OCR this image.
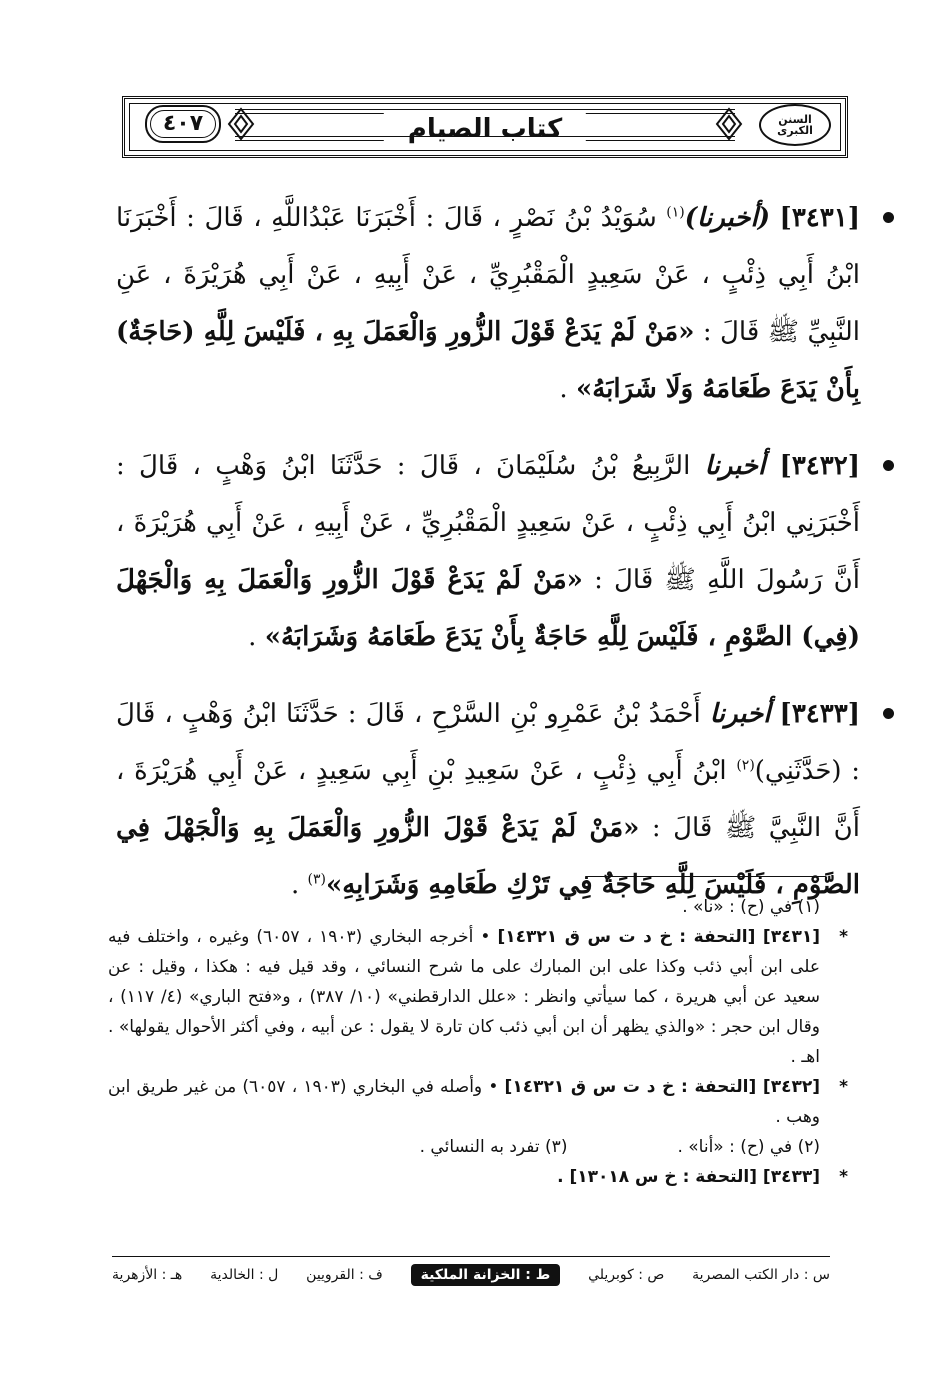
٤٠٧	كتاب الصيام	السنن الكبرى

[٣٤٣١] (أخبرنا)$^{(١)}$ سُوَيْدُ بْنُ نَصْرٍ ، قَالَ : أَخْبَرَنَا عَبْدُاللَّهِ ، قَالَ : أَخْبَرَنَا ابْنُ أَبِي ذِئْبٍ ، عَنْ سَعِيدٍ الْمَقْبُرِيِّ ، عَنْ أَبِيهِ ، عَنْ أَبِي هُرَيْرَةَ ، عَنِ النَّبِيِّ ﷺ قَالَ : «مَنْ لَمْ يَدَعْ قَوْلَ الزُّورِ وَالْعَمَلَ بِهِ ، فَلَيْسَ لِلَّهِ (حَاجَةٌ) بِأَنْ يَدَعَ طَعَامَهُ وَلَا شَرَابَهُ» .

[٣٤٣٢] أخبرنا الرَّبِيعُ بْنُ سُلَيْمَانَ ، قَالَ : حَدَّثَنَا ابْنُ وَهْبٍ ، قَالَ : أَخْبَرَنِي ابْنُ أَبِي ذِئْبٍ ، عَنْ سَعِيدٍ الْمَقْبُرِيِّ ، عَنْ أَبِيهِ ، عَنْ أَبِي هُرَيْرَةَ ، أَنَّ رَسُولَ اللَّهِ ﷺ قَالَ : «مَنْ لَمْ يَدَعْ قَوْلَ الزُّورِ وَالْعَمَلَ بِهِ وَالْجَهْلَ (فِي) الصَّوْمِ ، فَلَيْسَ لِلَّهِ حَاجَةٌ بِأَنْ يَدَعَ طَعَامَهُ وَشَرَابَهُ» .

[٣٤٣٣] أخبرنا أَحْمَدُ بْنُ عَمْرِو بْنِ السَّرْحِ ، قَالَ : حَدَّثَنَا ابْنُ وَهْبٍ ، قَالَ : (حَدَّثَنِي)$^{(٢)}$ ابْنُ أَبِي ذِئْبٍ ، عَنْ سَعِيدِ بْنِ أَبِي سَعِيدٍ ، عَنْ أَبِي هُرَيْرَةَ ، أَنَّ النَّبِيَّ ﷺ قَالَ : «مَنْ لَمْ يَدَعْ قَوْلَ الزُّورِ وَالْعَمَلَ بِهِ وَالْجَهْلَ فِي الصَّوْمِ ، فَلَيْسَ لِلَّهِ حَاجَةٌ فِي تَرْكِ طَعَامِهِ وَشَرَابِهِ»$^{(٣)}$ .

(١) في (ح) : «نا» .

*
[٣٤٣١] [التحفة : خ د ت س ق ١٤٣٢١] • أخرجه البخاري (١٩٠٣ ، ٦٠٥٧) وغيره ، واختلف فيه على ابن أبي ذئب وكذا على ابن المبارك على ما شرح النسائي ، وقد قيل فيه : هكذا ، وقيل : عن سعيد عن أبي هريرة ، كما سيأتي وانظر : «علل الدارقطني» (١٠/ ٣٨٧) ، و«فتح الباري» (٤/ ١١٧) ، وقال ابن حجر : «والذي يظهر أن ابن أبي ذئب كان تارة لا يقول : عن أبيه ، وفي أكثر الأحوال يقولها» . اهـ .

*
[٣٤٣٢] [التحفة : خ د ت س ق ١٤٣٢١] • وأصله في البخاري (١٩٠٣ ، ٦٠٥٧) من غير طريق ابن وهب .

(٢) في (ح) : «أنا» .

(٣) تفرد به النسائي .

*
[٣٤٣٣] [التحفة : خ س ١٣٠١٨] .

س : دار الكتب المصرية
ص : كوبريلي
ط : الخزانة الملكية
ف : القرويين
ل : الخالدية
هـ : الأزهرية
